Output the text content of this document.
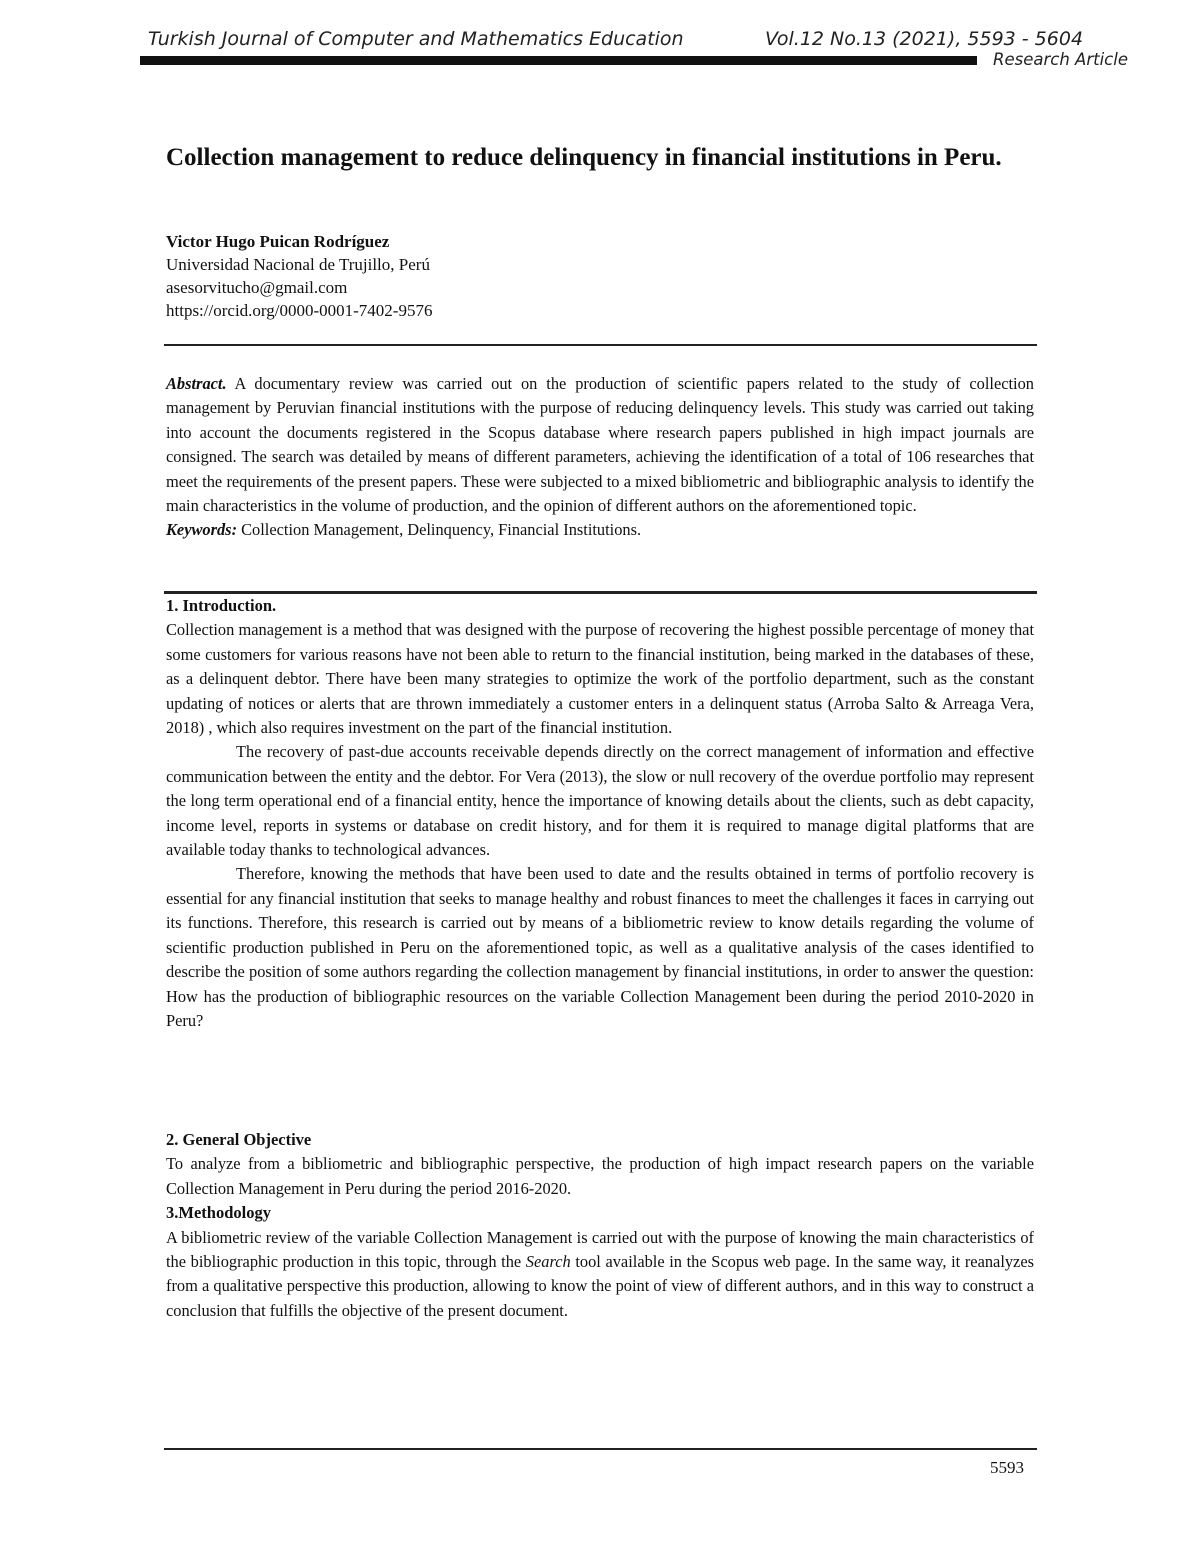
Turkish Journal of Computer and Mathematics Education	Vol.12 No.13 (2021), 5593 - 5604
Research Article
Collection management to reduce delinquency in financial institutions in Peru.
Victor Hugo Puican Rodríguez
Universidad Nacional de Trujillo, Perú
asesorvitucho@gmail.com
https://orcid.org/0000-0001-7402-9576

Abstract. A documentary review was carried out on the production of scientific papers related to the study of collection management by Peruvian financial institutions with the purpose of reducing delinquency levels. This study was carried out taking into account the documents registered in the Scopus database where research papers published in high impact journals are consigned. The search was detailed by means of different parameters, achieving the identification of a total of 106 researches that meet the requirements of the present papers. These were subjected to a mixed bibliometric and bibliographic analysis to identify the main characteristics in the volume of production, and the opinion of different authors on the aforementioned topic.

Keywords: Collection Management, Delinquency, Financial Institutions.

1. Introduction.

Collection management is a method that was designed with the purpose of recovering the highest possible percentage of money that some customers for various reasons have not been able to return to the financial institution, being marked in the databases of these, as a delinquent debtor. There have been many strategies to optimize the work of the portfolio department, such as the constant updating of notices or alerts that are thrown immediately a customer enters in a delinquent status (Arroba Salto & Arreaga Vera, 2018) , which also requires investment on the part of the financial institution.

The recovery of past-due accounts receivable depends directly on the correct management of information and effective communication between the entity and the debtor. For Vera (2013), the slow or null recovery of the overdue portfolio may represent the long term operational end of a financial entity, hence the importance of knowing details about the clients, such as debt capacity, income level, reports in systems or database on credit history, and for them it is required to manage digital platforms that are available today thanks to technological advances.

Therefore, knowing the methods that have been used to date and the results obtained in terms of portfolio recovery is essential for any financial institution that seeks to manage healthy and robust finances to meet the challenges it faces in carrying out its functions. Therefore, this research is carried out by means of a bibliometric review to know details regarding the volume of scientific production published in Peru on the aforementioned topic, as well as a qualitative analysis of the cases identified to describe the position of some authors regarding the collection management by financial institutions, in order to answer the question: How has the production of bibliographic resources on the variable Collection Management been during the period 2010-2020 in Peru?

2. General Objective

To analyze from a bibliometric and bibliographic perspective, the production of high impact research papers on the variable Collection Management in Peru during the period 2016-2020.

3.Methodology

A bibliometric review of the variable Collection Management is carried out with the purpose of knowing the main characteristics of the bibliographic production in this topic, through the Search tool available in the Scopus web page. In the same way, it reanalyzes from a qualitative perspective this production, allowing to know the point of view of different authors, and in this way to construct a conclusion that fulfills the objective of the present document.

5593
